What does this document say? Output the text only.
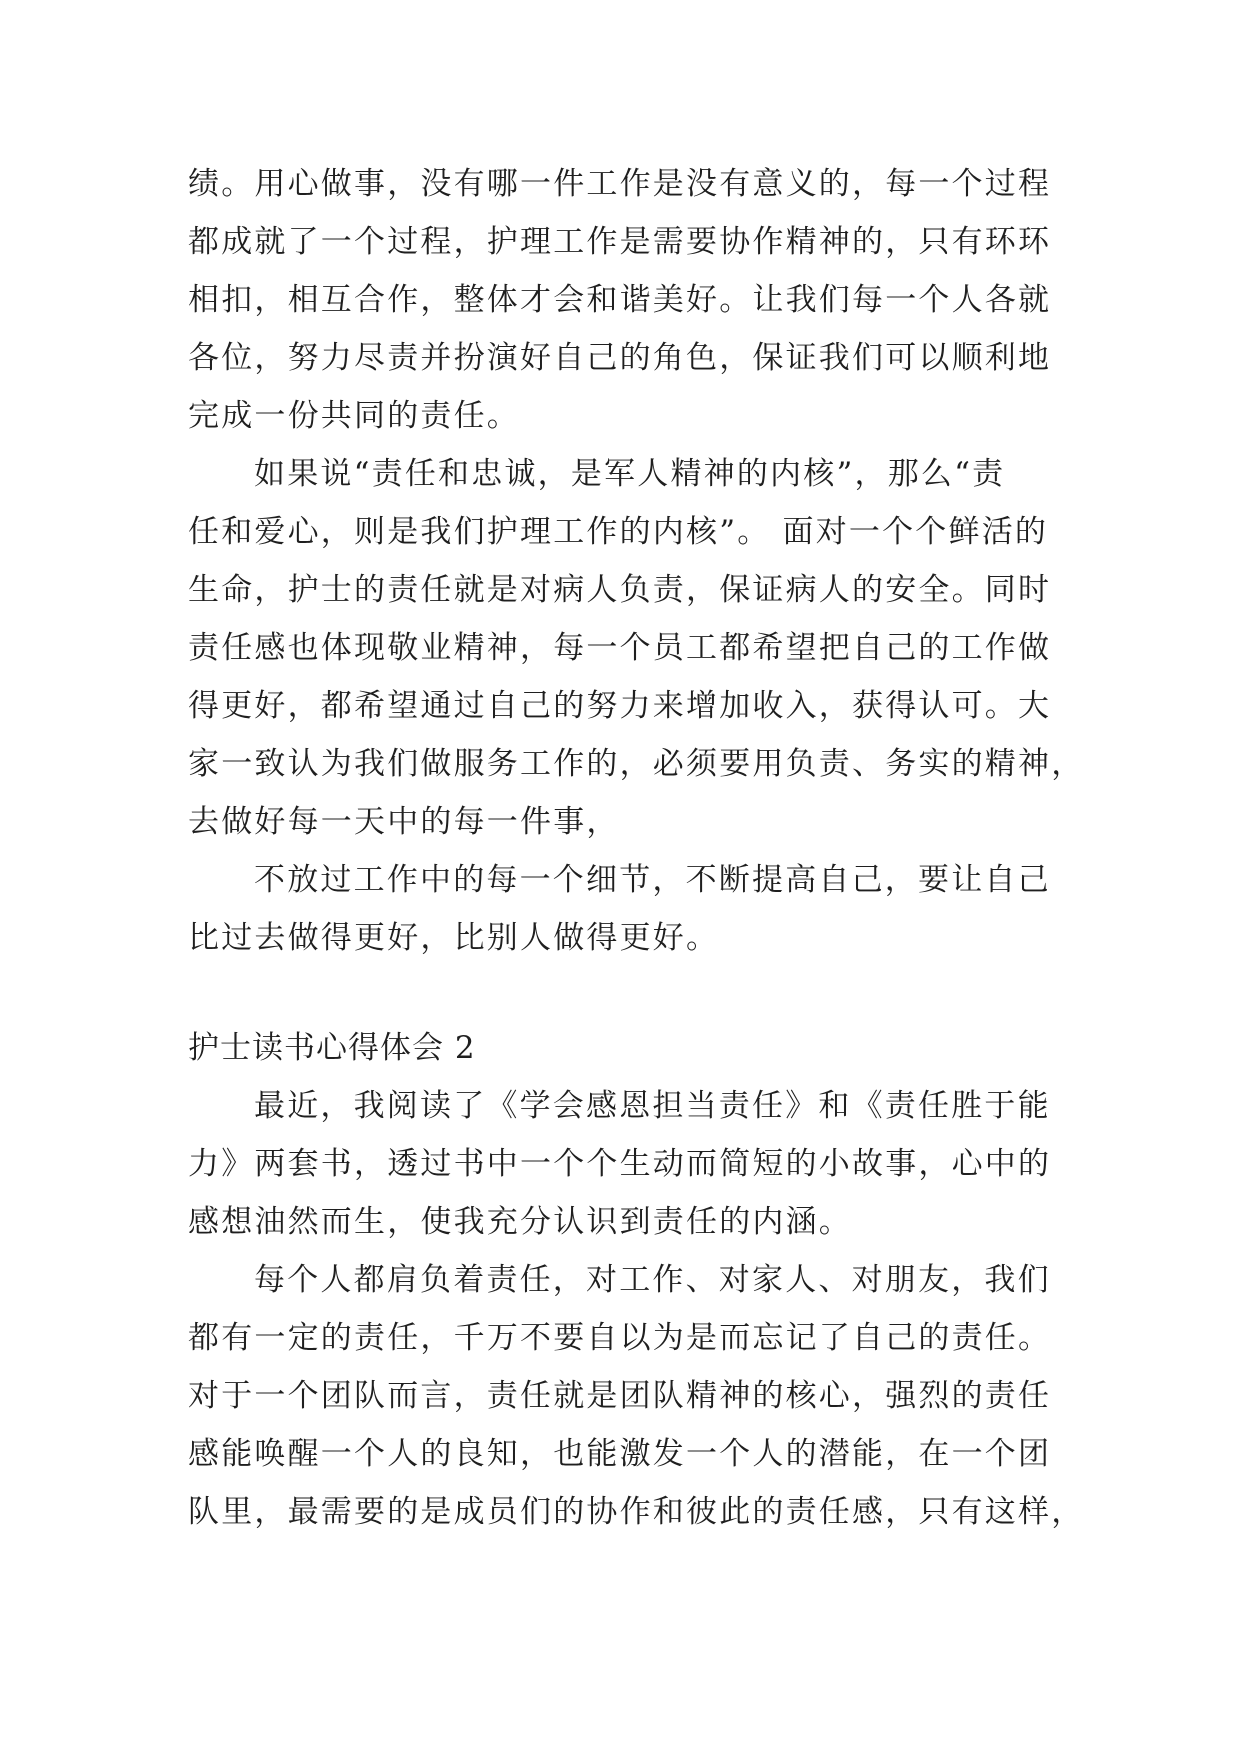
绩。用心做事，没有哪一件工作是没有意义的，每一个过程
都成就了一个过程，护理工作是需要协作精神的，只有环环
相扣，相互合作，整体才会和谐美好。让我们每一个人各就
各位，努力尽责并扮演好自己的角色，保证我们可以顺利地
完成一份共同的责任。
如果说“责任和忠诚，是军人精神的内核”，那么“责
任和爱心，则是我们护理工作的内核”。 面对一个个鲜活的
生命，护士的责任就是对病人负责，保证病人的安全。同时
责任感也体现敬业精神，每一个员工都希望把自己的工作做
得更好，都希望通过自己的努力来增加收入，获得认可。大
家一致认为我们做服务工作的，必须要用负责、务实的精神，
去做好每一天中的每一件事，
不放过工作中的每一个细节，不断提高自己，要让自己
比过去做得更好，比别人做得更好。
护士读书心得体会 2
最近，我阅读了《学会感恩担当责任》和《责任胜于能
力》两套书，透过书中一个个生动而简短的小故事，心中的
感想油然而生，使我充分认识到责任的内涵。
每个人都肩负着责任，对工作、对家人、对朋友，我们
都有一定的责任，千万不要自以为是而忘记了自己的责任。
对于一个团队而言，责任就是团队精神的核心，强烈的责任
感能唤醒一个人的良知，也能激发一个人的潜能，在一个团
队里，最需要的是成员们的协作和彼此的责任感，只有这样，
